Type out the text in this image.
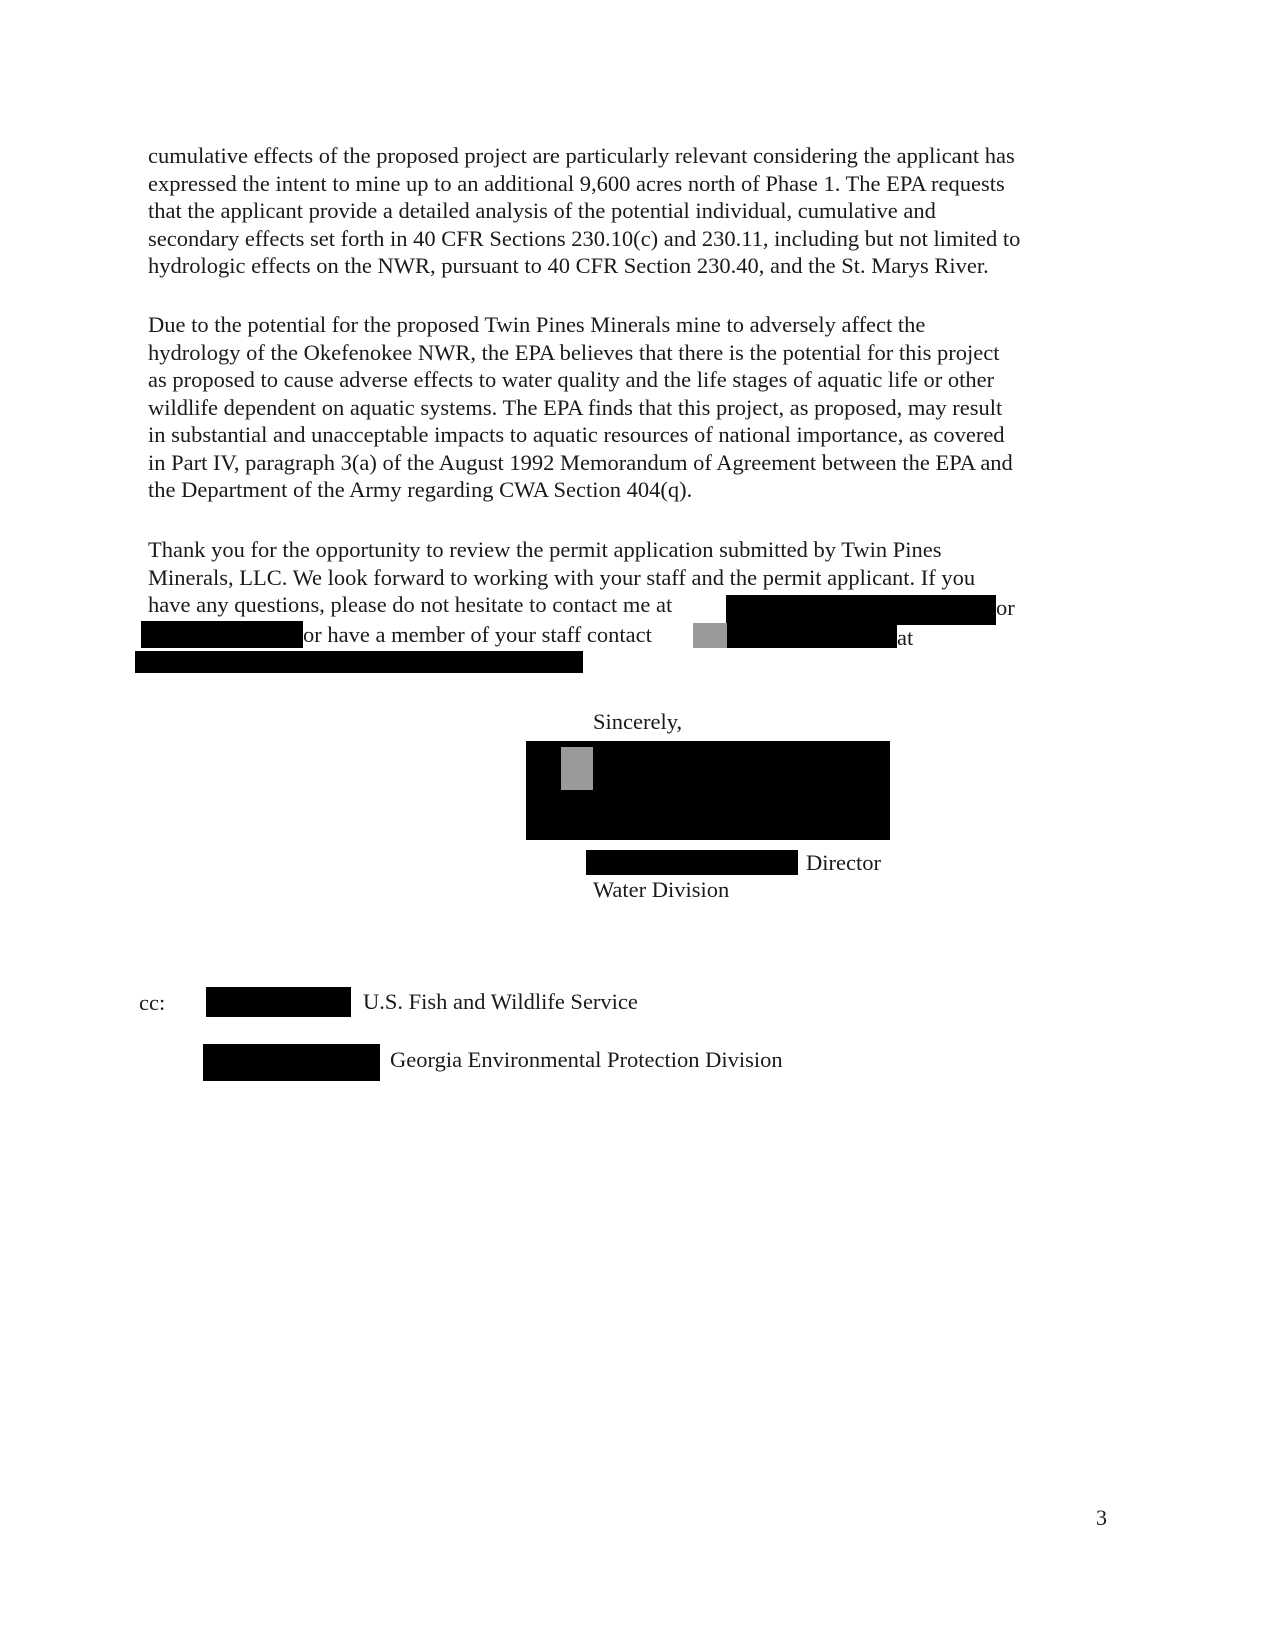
cumulative effects of the proposed project are particularly relevant considering the applicant has
expressed the intent to mine up to an additional 9,600 acres north of Phase 1. The EPA requests
that the applicant provide a detailed analysis of the potential individual, cumulative and
secondary effects set forth in 40 CFR Sections 230.10(c) and 230.11, including but not limited to
hydrologic effects on the NWR, pursuant to 40 CFR Section 230.40, and the St. Marys River.
Due to the potential for the proposed Twin Pines Minerals mine to adversely affect the
hydrology of the Okefenokee NWR, the EPA believes that there is the potential for this project
as proposed to cause adverse effects to water quality and the life stages of aquatic life or other
wildlife dependent on aquatic systems. The EPA finds that this project, as proposed, may result
in substantial and unacceptable impacts to aquatic resources of national importance, as covered
in Part IV, paragraph 3(a) of the August 1992 Memorandum of Agreement between the EPA and
the Department of the Army regarding CWA Section 404(q).
Thank you for the opportunity to review the permit application submitted by Twin Pines
Minerals, LLC. We look forward to working with your staff and the permit applicant. If you
have any questions, please do not hesitate to contact me at	or
or have a member of your staff contact	at
Sincerely,
Director
Water Division
cc:	U.S. Fish and Wildlife Service
Georgia Environmental Protection Division
3
